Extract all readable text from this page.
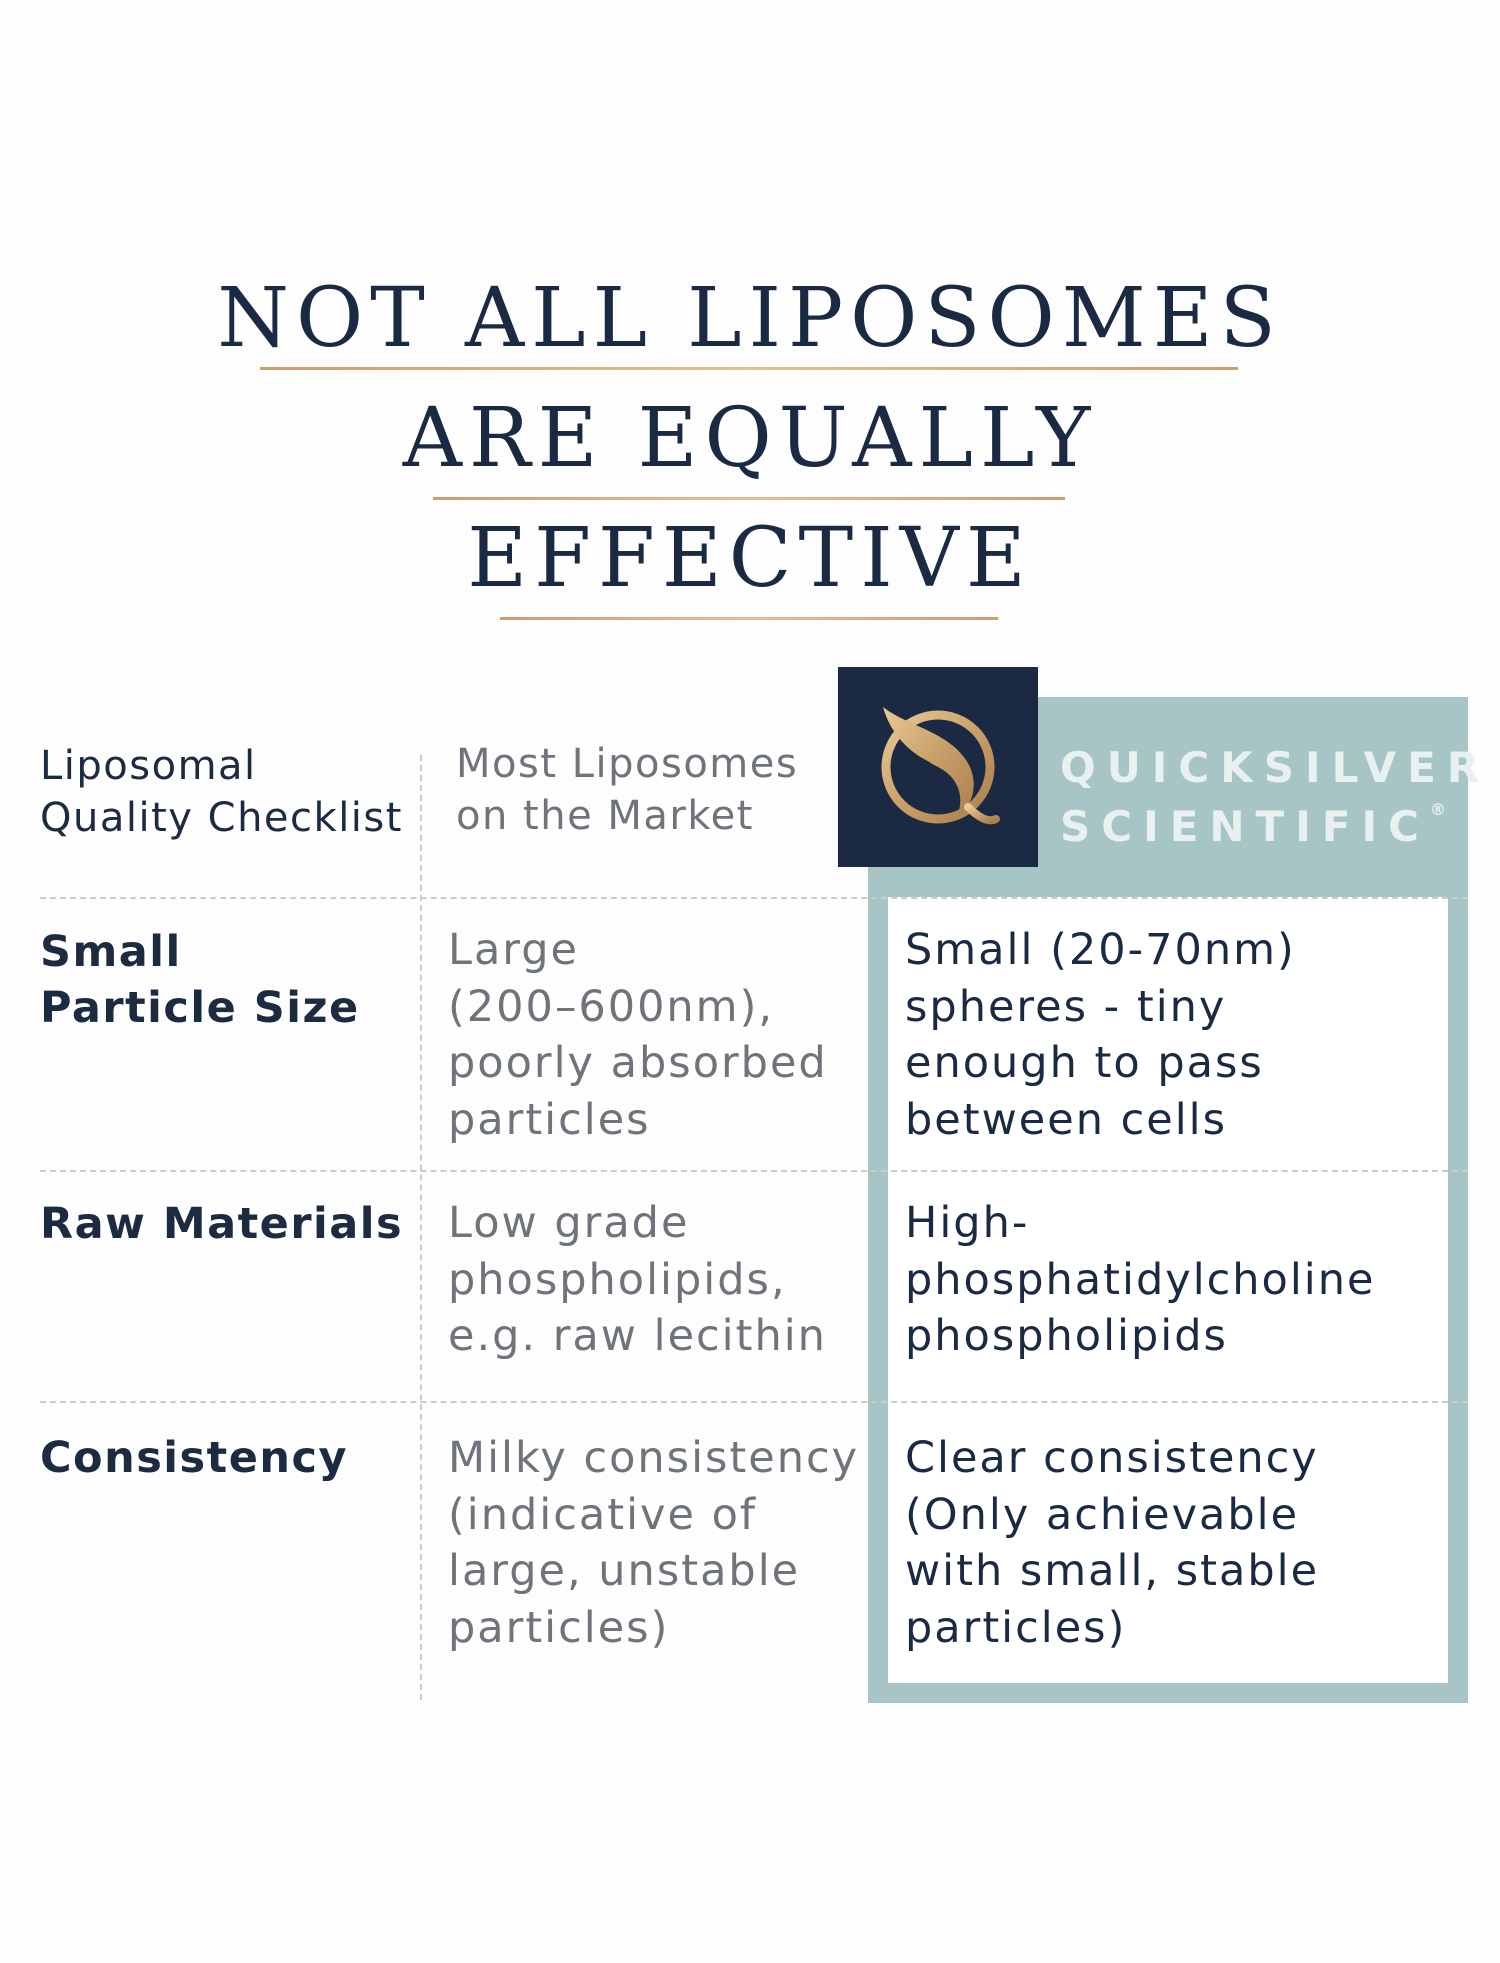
NOT ALL LIPOSOMES
ARE EQUALLY
EFFECTIVE
QUICKSILVER
SCIENTIFIC®
Liposomal
Quality Checklist
Most Liposomes
on the Market
Small
Particle Size
Large
(200–600nm),
poorly absorbed
particles
Small (20-70nm)
spheres - tiny
enough to pass
between cells
Raw Materials Low grade
phospholipids,
e.g. raw lecithin
High-
phosphatidylcholine
phospholipids
Consistency Milky consistency
(indicative of
large, unstable
particles)
Clear consistency
(Only achievable
with small, stable
particles)
